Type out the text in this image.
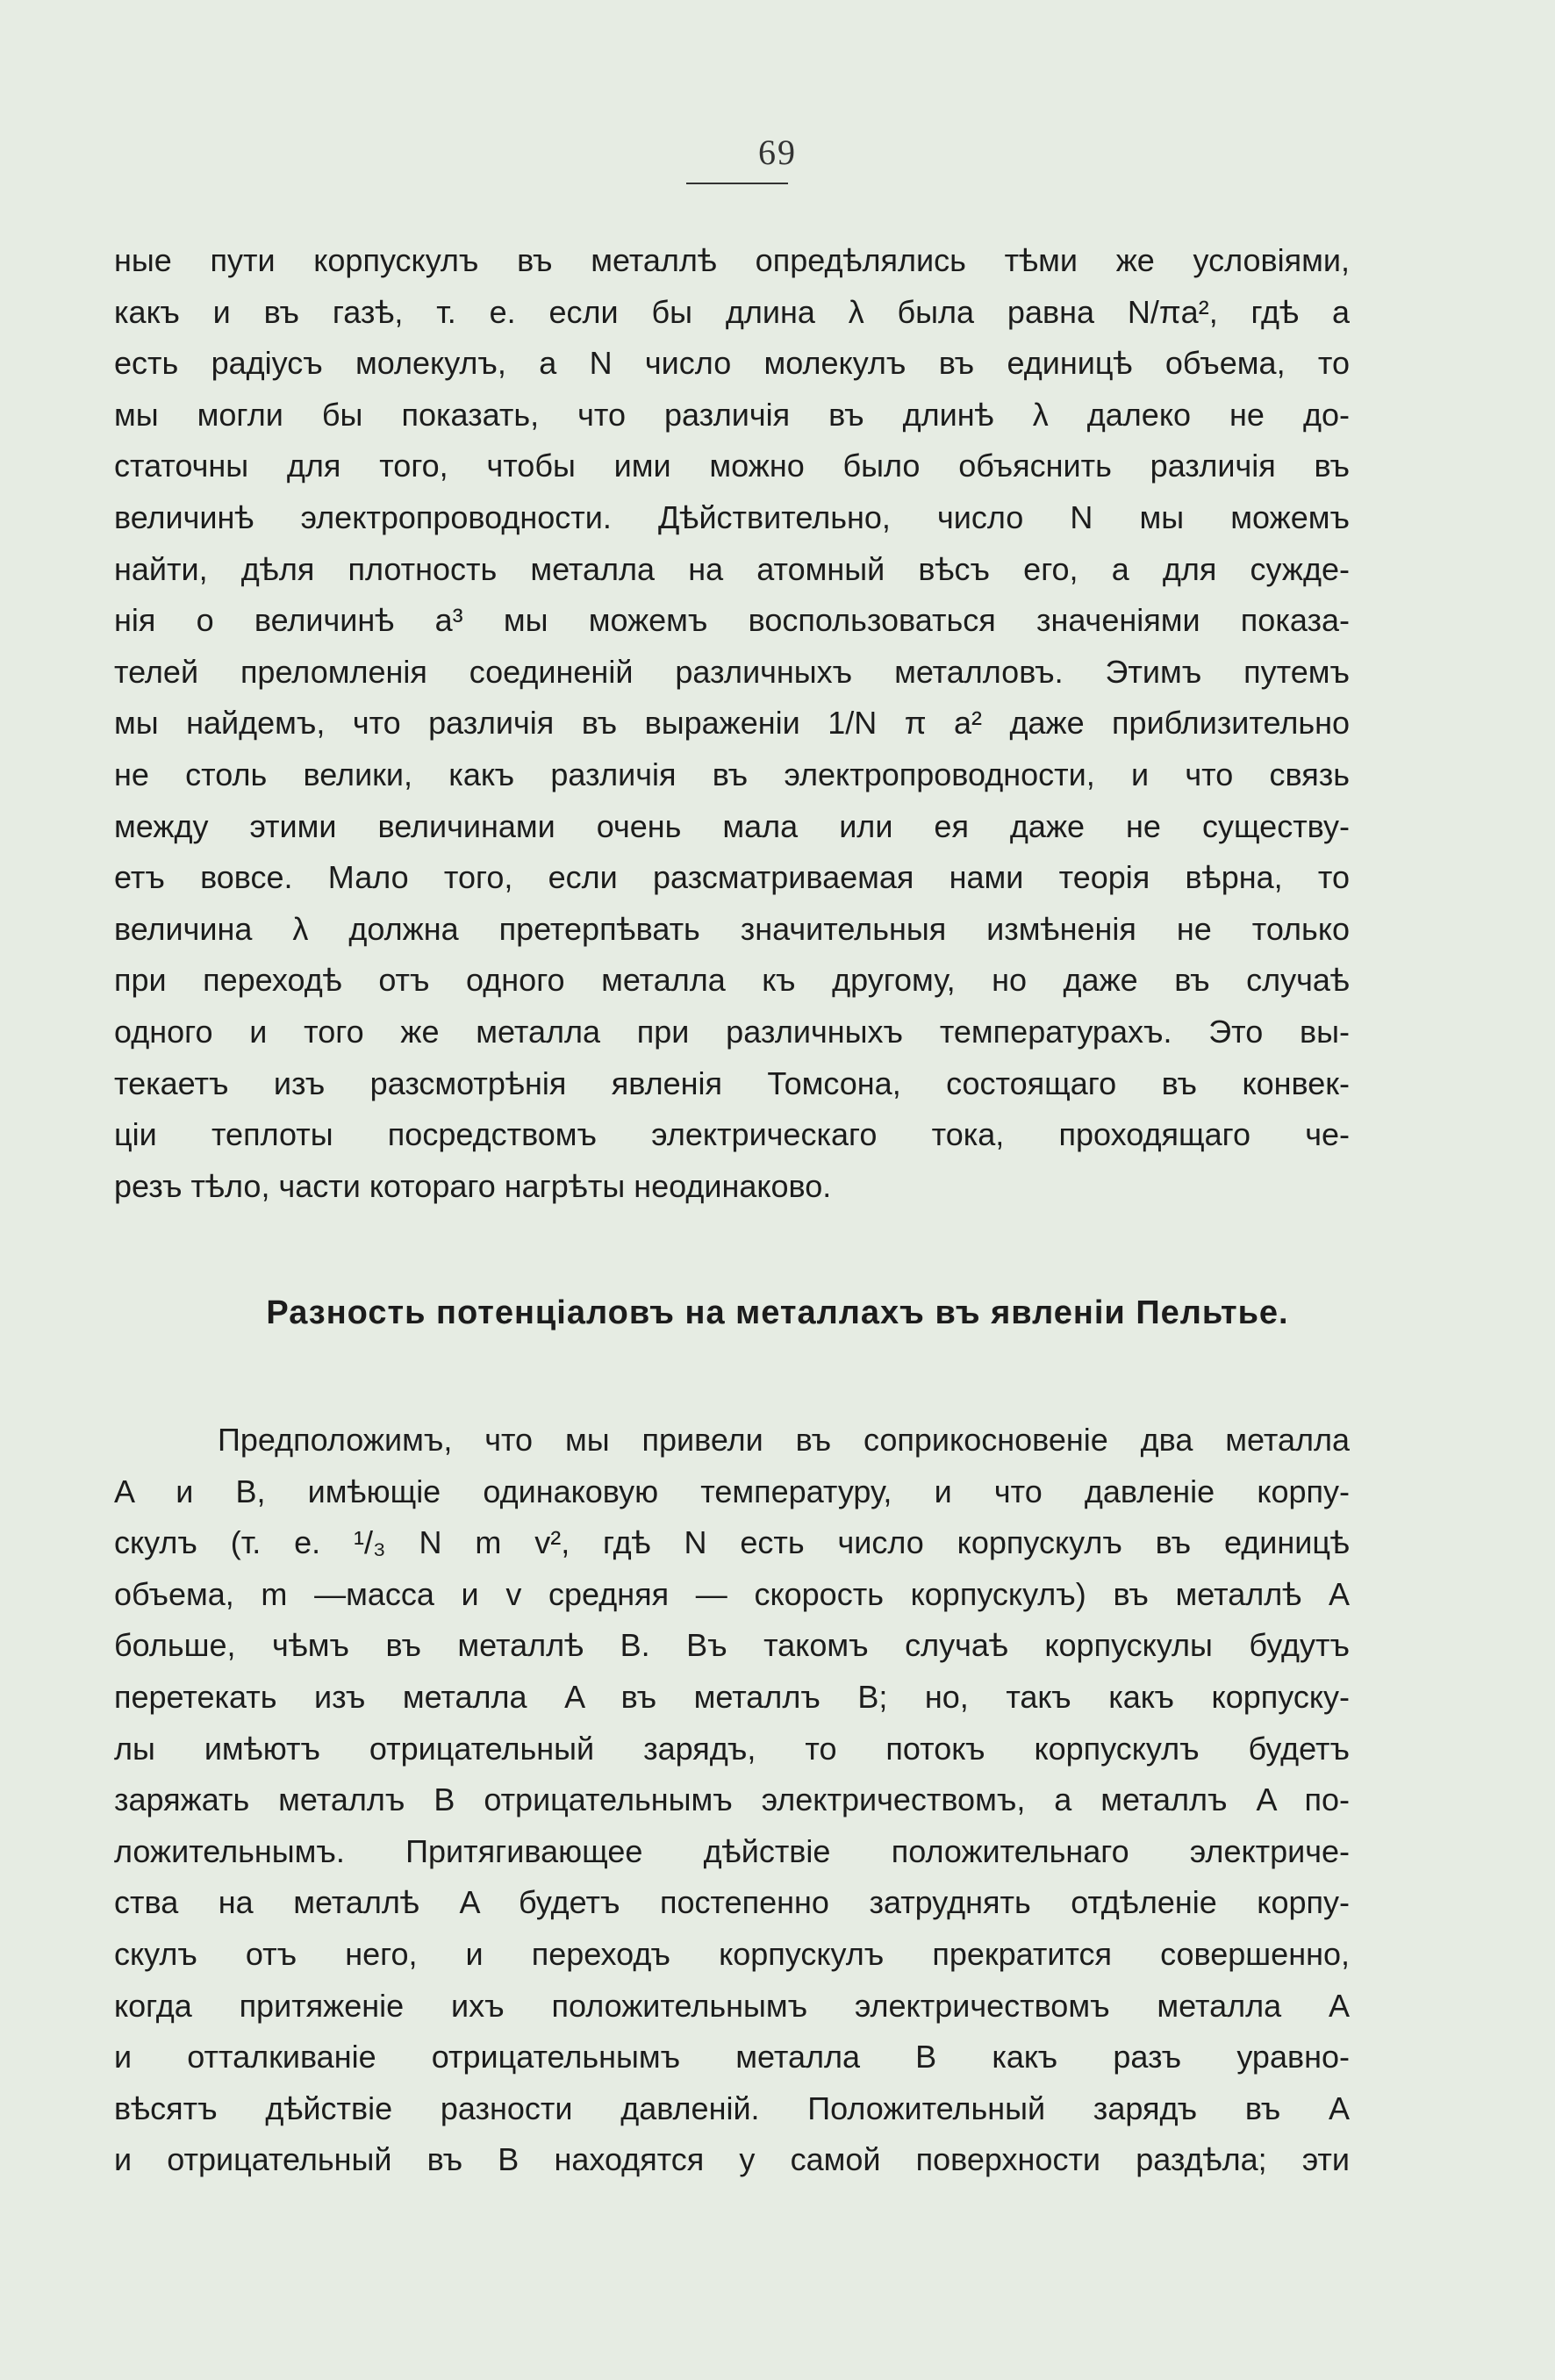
69
ные пути корпускулъ въ металлѣ опредѣлялись тѣми же условіями,
какъ и въ газѣ, т. е. если бы длина λ была равна N/πa², гдѣ a
есть радіусъ молекулъ, а N число молекулъ въ единицѣ объема, то
мы могли бы показать, что различія въ длинѣ λ далеко не до-
статочны для того, чтобы ими можно было объяснить различія въ
величинѣ электропроводности. Дѣйствительно, число N мы можемъ
найти, дѣля плотность металла на атомный вѣсъ его, а для сужде-
нія о величинѣ a³ мы можемъ воспользоваться значеніями показа-
телей преломленія соединеній различныхъ металловъ. Этимъ путемъ
мы найдемъ, что различія въ выраженіи 1/N π a² даже приблизительно
не столь велики, какъ различія въ электропроводности, и что связь
между этими величинами очень мала или ея даже не существу-
етъ вовсе. Мало того, если разсматриваемая нами теорія вѣрна, то
величина λ должна претерпѣвать значительныя измѣненія не только
при переходѣ отъ одного металла къ другому, но даже въ случаѣ
одного и того же металла при различныхъ температурахъ. Это вы-
текаетъ изъ разсмотрѣнія явленія Томсона, состоящаго въ конвек-
ціи теплоты посредствомъ электрическаго тока, проходящаго че-
резъ тѣло, части котораго нагрѣты неодинаково.
Разность потенціаловъ на металлахъ въ явленіи Пельтье.
Предположимъ, что мы привели въ соприкосновеніе два металла
A и B, имѣющіе одинаковую температуру, и что давленіе корпу-
скулъ (т. е. ¹/₃ N m v², гдѣ N есть число корпускулъ въ единицѣ
объема, m —масса и v средняя — скорость корпускулъ) въ металлѣ A
больше, чѣмъ въ металлѣ B. Въ такомъ случаѣ корпускулы будутъ
перетекать изъ металла A въ металлъ B; но, такъ какъ корпуску-
лы имѣютъ отрицательный зарядъ, то потокъ корпускулъ будетъ
заряжать металлъ B отрицательнымъ электричествомъ, а металлъ A по-
ложительнымъ. Притягивающее дѣйствіе положительнаго электриче-
ства на металлѣ A будетъ постепенно затруднять отдѣленіе корпу-
скулъ отъ него, и переходъ корпускулъ прекратится совершенно,
когда притяженіе ихъ положительнымъ электричествомъ металла A
и отталкиваніе отрицательнымъ металла B какъ разъ уравно-
вѣсятъ дѣйствіе разности давленій. Положительный зарядъ въ A
и отрицательный въ B находятся у самой поверхности раздѣла; эти
